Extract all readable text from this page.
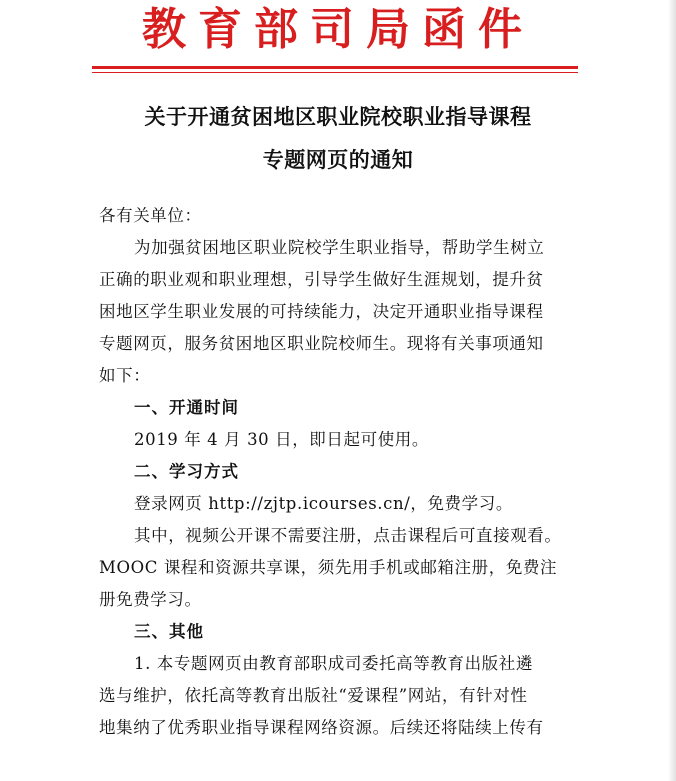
教育部司局函件
关于开通贫困地区职业院校职业指导课程
专题网页的通知
各有关单位：
为加强贫困地区职业院校学生职业指导，帮助学生树立
正确的职业观和职业理想，引导学生做好生涯规划，提升贫
困地区学生职业发展的可持续能力，决定开通职业指导课程
专题网页，服务贫困地区职业院校师生。现将有关事项通知
如下：
一、开通时间
2019 年 4 月 30 日，即日起可使用。
二、学习方式
登录网页 http://zjtp.icourses.cn/，免费学习。
其中，视频公开课不需要注册，点击课程后可直接观看。
MOOC 课程和资源共享课，须先用手机或邮箱注册，免费注
册免费学习。
三、其他
1. 本专题网页由教育部职成司委托高等教育出版社遴
选与维护，依托高等教育出版社“爱课程”网站，有针对性
地集纳了优秀职业指导课程网络资源。后续还将陆续上传有
